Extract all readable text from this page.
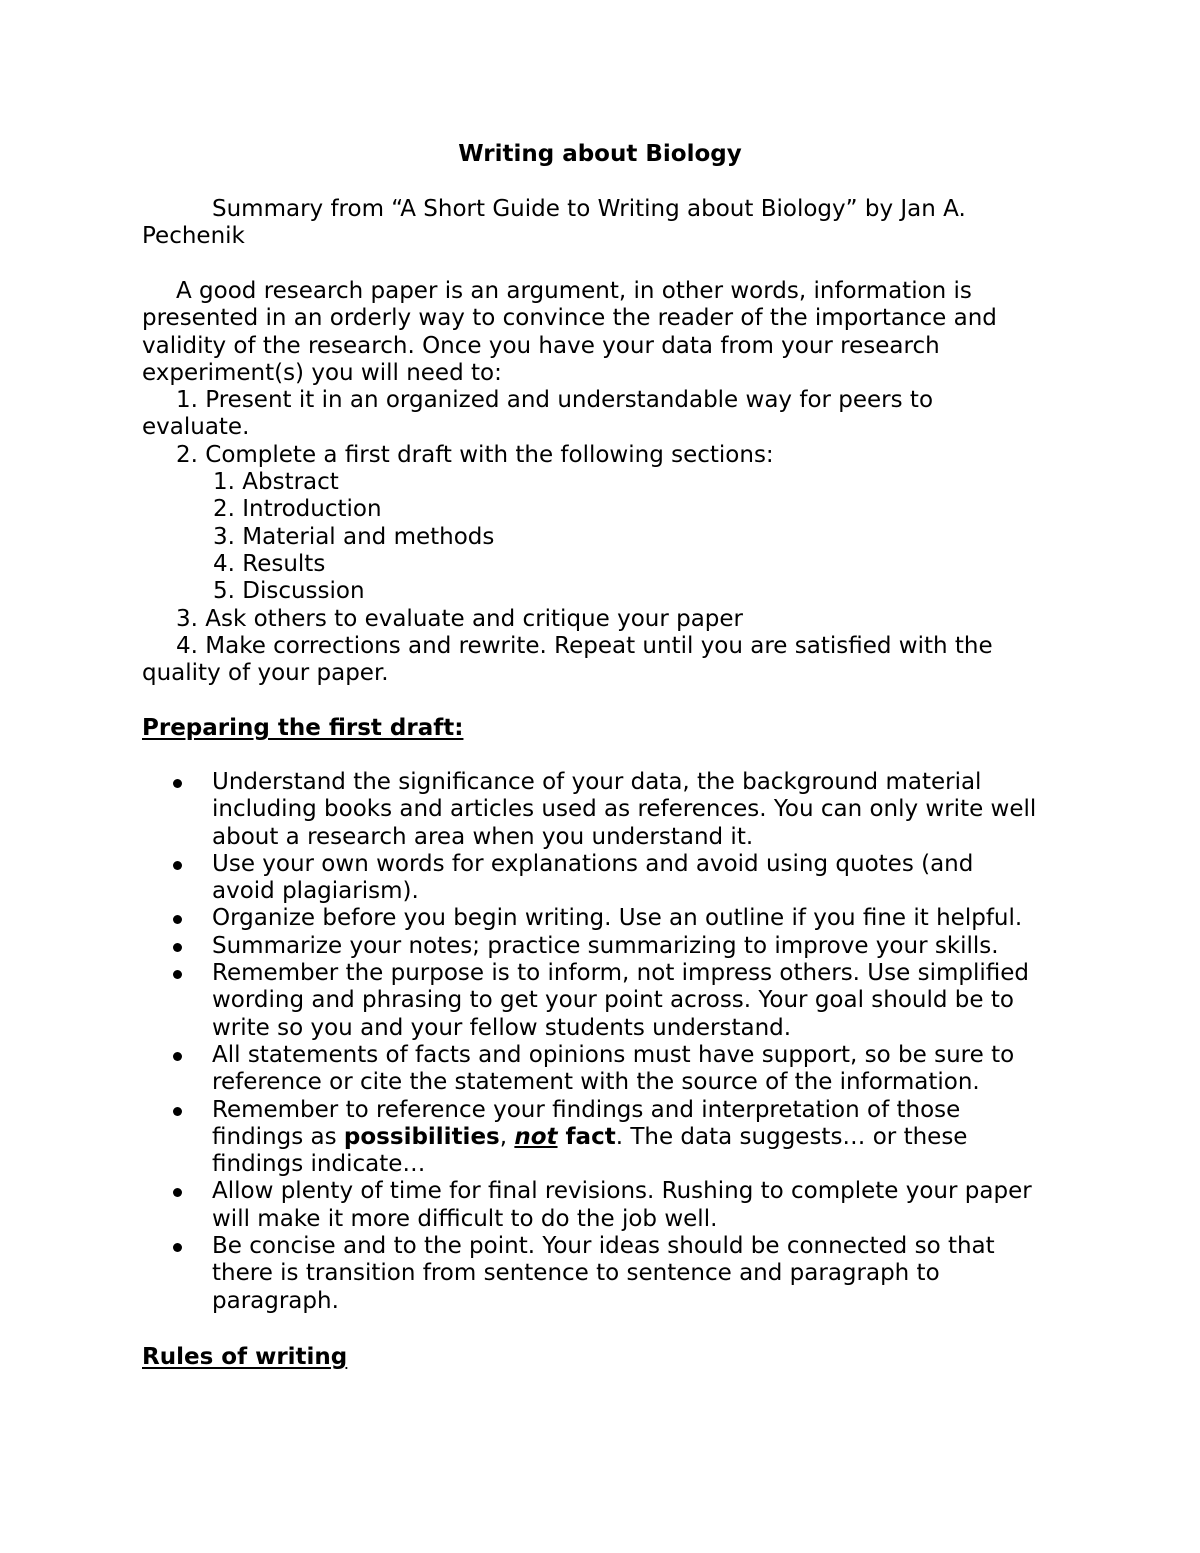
Writing about Biology
Summary from “A Short Guide to Writing about Biology” by Jan A.
Pechenik
A good research paper is an argument, in other words, information is
presented in an orderly way to convince the reader of the importance and
validity of the research. Once you have your data from your research
experiment(s) you will need to:
1. Present it in an organized and understandable way for peers to
evaluate.
2. Complete a first draft with the following sections:
1. Abstract
2. Introduction
3. Material and methods
4. Results
5. Discussion
3. Ask others to evaluate and critique your paper
4. Make corrections and rewrite. Repeat until you are satisfied with the
quality of your paper.
Preparing the first draft:
Understand the significance of your data, the background material
including books and articles used as references. You can only write well
about a research area when you understand it.
Use your own words for explanations and avoid using quotes (and
avoid plagiarism).
Organize before you begin writing. Use an outline if you fine it helpful.
Summarize your notes; practice summarizing to improve your skills.
Remember the purpose is to inform, not impress others. Use simplified
wording and phrasing to get your point across. Your goal should be to
write so you and your fellow students understand.
All statements of facts and opinions must have support, so be sure to
reference or cite the statement with the source of the information.
Remember to reference your findings and interpretation of those
findings as possibilities, not fact. The data suggests… or these
findings indicate…
Allow plenty of time for final revisions. Rushing to complete your paper
will make it more difficult to do the job well.
Be concise and to the point. Your ideas should be connected so that
there is transition from sentence to sentence and paragraph to
paragraph.
Rules of writing
